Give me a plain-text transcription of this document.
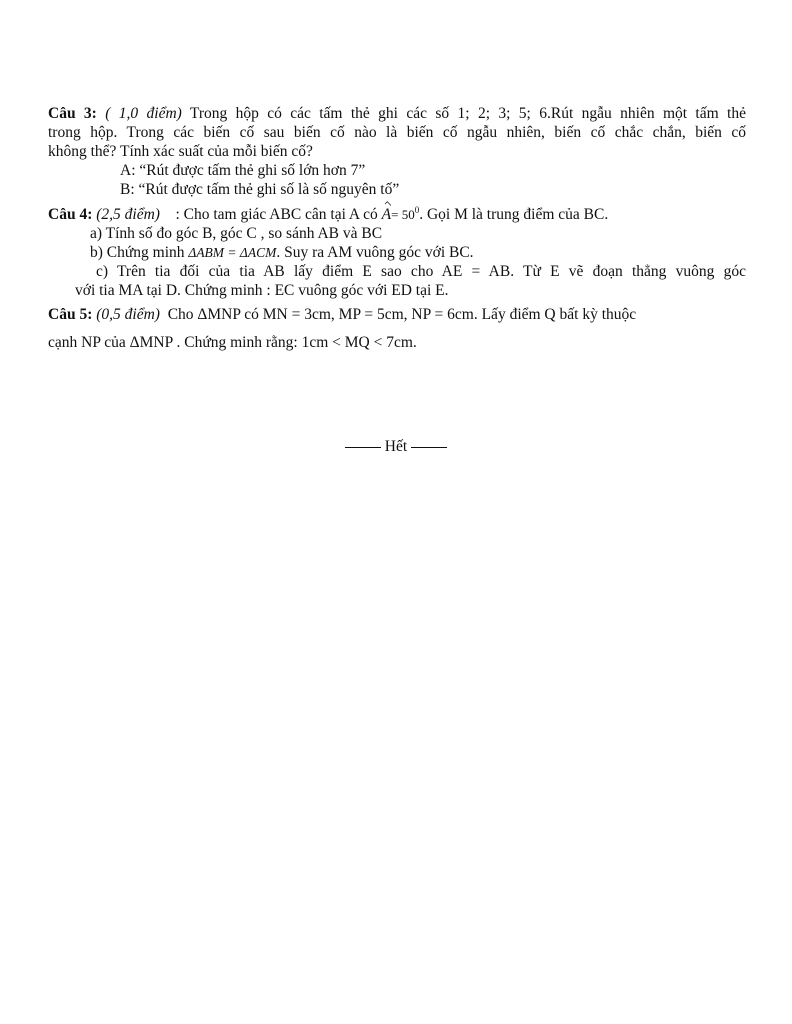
Câu 3: ( 1,0 điểm) Trong hộp có các tấm thẻ ghi các số 1; 2; 3; 5; 6.Rút ngẫu nhiên một tấm thẻ
trong hộp. Trong các biến cố sau biến cố nào là biến cố ngẫu nhiên, biến cố chắc chắn, biến cố
không thể? Tính xác suất của mỗi biến cố?
A: “Rút được tấm thẻ ghi số lớn hơn 7”
B: “Rút được tấm thẻ ghi số là số nguyên tố”
Câu 4: (2,5 điểm) : Cho tam giác ABC cân tại A có $A= 50^0$. Gọi M là trung điểm của BC.
a) Tính số đo góc B, góc C , so sánh AB và BC
b) Chứng minh ΔABM = ΔACM. Suy ra AM vuông góc với BC.
c) Trên tia đối của tia AB lấy điểm E sao cho AE = AB. Từ E vẽ đoạn thẳng vuông góc
với tia MA tại D. Chứng minh : EC vuông góc với ED tại E.
Câu 5: (0,5 điểm) Cho ΔMNP có MN = 3cm, MP = 5cm, NP = 6cm. Lấy điểm Q bất kỳ thuộc
cạnh NP của ΔMNP . Chứng minh rằng: 1cm < MQ < 7cm.
Hết
